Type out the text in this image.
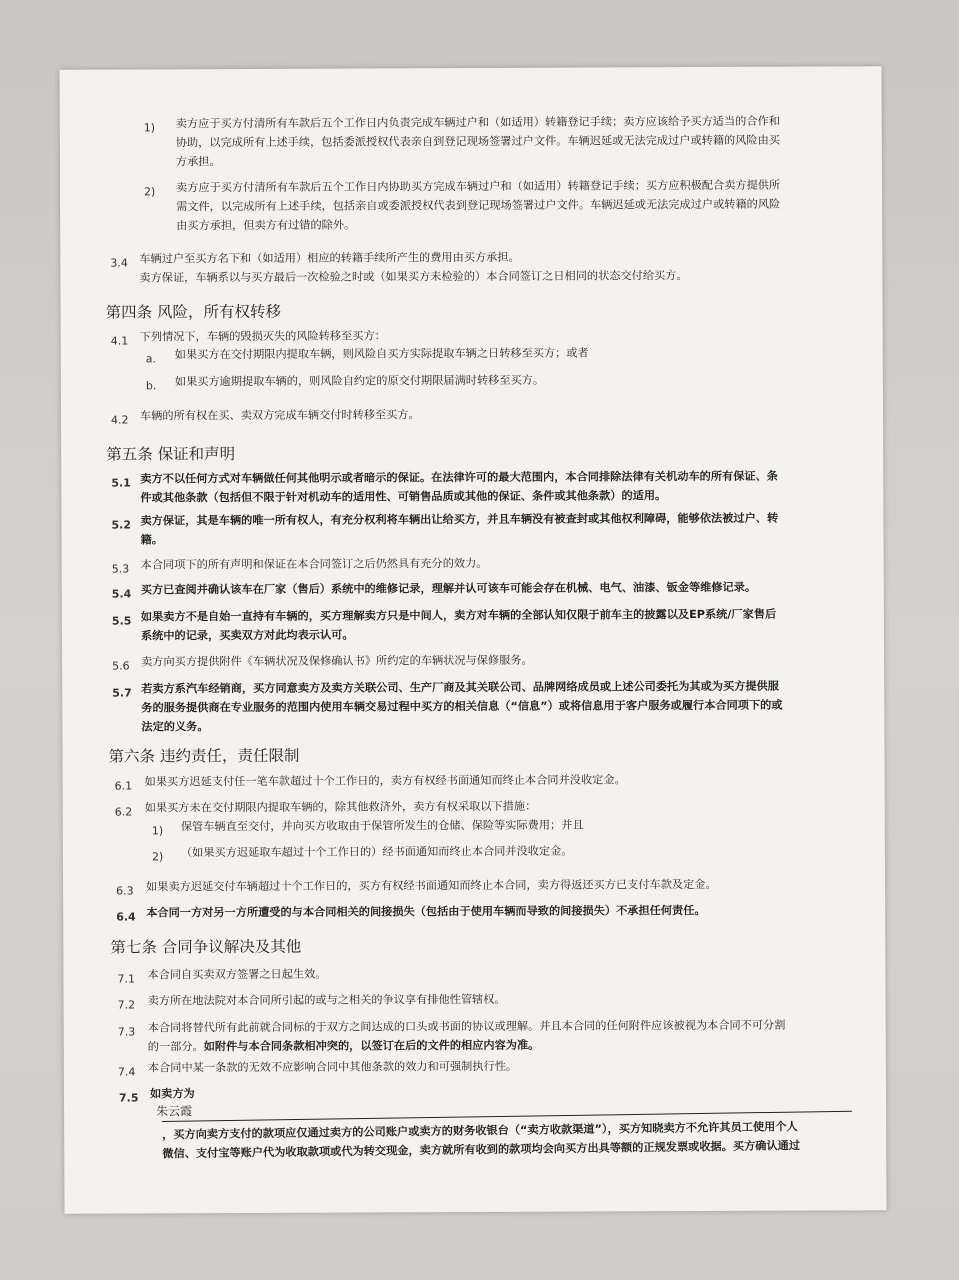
1) 卖方应于买方付清所有车款后五个工作日内负责完成车辆过户和（如适用）转籍登记手续；卖方应该给予买方适当的合作和
协助，以完成所有上述手续，包括委派授权代表亲自到登记现场签署过户文件。车辆迟延或无法完成过户或转籍的风险由买
方承担。
2) 卖方应于买方付清所有车款后五个工作日内协助买方完成车辆过户和（如适用）转籍登记手续；买方应积极配合卖方提供所
需文件，以完成所有上述手续，包括亲自或委派授权代表到登记现场签署过户文件。车辆迟延或无法完成过户或转籍的风险
由买方承担，但卖方有过错的除外。
3.4 车辆过户至买方名下和（如适用）相应的转籍手续所产生的费用由买方承担。
卖方保证，车辆系以与买方最后一次检验之时或（如果买方未检验的）本合同签订之日相同的状态交付给买方。
第四条 风险，所有权转移
4.1 下列情况下，车辆的毁损灭失的风险转移至买方：
a. 如果买方在交付期限内提取车辆，则风险自买方实际提取车辆之日转移至买方；或者
b. 如果买方逾期提取车辆的，则风险自约定的原交付期限届满时转移至买方。
4.2 车辆的所有权在买、卖双方完成车辆交付时转移至买方。
第五条 保证和声明
5.1 卖方不以任何方式对车辆做任何其他明示或者暗示的保证。在法律许可的最大范围内，本合同排除法律有关机动车的所有保证、条
件或其他条款（包括但不限于针对机动车的适用性、可销售品质或其他的保证、条件或其他条款）的适用。
5.2 卖方保证，其是车辆的唯一所有权人，有充分权利将车辆出让给买方，并且车辆没有被查封或其他权利障碍，能够依法被过户、转
籍。
5.3 本合同项下的所有声明和保证在本合同签订之后仍然具有充分的效力。
5.4 买方已查阅并确认该车在厂家（售后）系统中的维修记录，理解并认可该车可能会存在机械、电气、油漆、钣金等维修记录。
5.5 如果卖方不是自始一直持有车辆的，买方理解卖方只是中间人，卖方对车辆的全部认知仅限于前车主的披露以及EP系统/厂家售后
系统中的记录，买卖双方对此均表示认可。
5.6 卖方向买方提供附件《车辆状况及保修确认书》所约定的车辆状况与保修服务。
5.7 若卖方系汽车经销商，买方同意卖方及卖方关联公司、生产厂商及其关联公司、品牌网络成员或上述公司委托为其或为买方提供服
务的服务提供商在专业服务的范围内使用车辆交易过程中买方的相关信息（“信息”）或将信息用于客户服务或履行本合同项下的或
法定的义务。
第六条 违约责任，责任限制
6.1 如果买方迟延支付任一笔车款超过十个工作日的，卖方有权经书面通知而终止本合同并没收定金。
6.2 如果买方未在交付期限内提取车辆的，除其他救济外，卖方有权采取以下措施：
1) 保管车辆直至交付，并向买方收取由于保管所发生的仓储、保险等实际费用；并且
2) （如果买方迟延取车超过十个工作日的）经书面通知而终止本合同并没收定金。
6.3 如果卖方迟延交付车辆超过十个工作日的，买方有权经书面通知而终止本合同，卖方得返还买方已支付车款及定金。
6.4 本合同一方对另一方所遭受的与本合同相关的间接损失（包括由于使用车辆而导致的间接损失）不承担任何责任。
第七条 合同争议解决及其他
7.1 本合同自买卖双方签署之日起生效。
7.2 卖方所在地法院对本合同所引起的或与之相关的争议享有排他性管辖权。
7.3 本合同将替代所有此前就合同标的于双方之间达成的口头或书面的协议或理解。并且本合同的任何附件应该被视为本合同不可分割
的一部分。如附件与本合同条款相冲突的，以签订在后的文件的相应内容为准。
7.4 本合同中某一条款的无效不应影响合同中其他条款的效力和可强制执行性。
7.5 如卖方为
朱云霞
，买方向卖方支付的款项应仅通过卖方的公司账户或卖方的财务收银台（“卖方收款渠道”），买方知晓卖方不允许其员工使用个人
微信、支付宝等账户代为收取款项或代为转交现金，卖方就所有收到的款项均会向买方出具等额的正规发票或收据。买方确认通过
